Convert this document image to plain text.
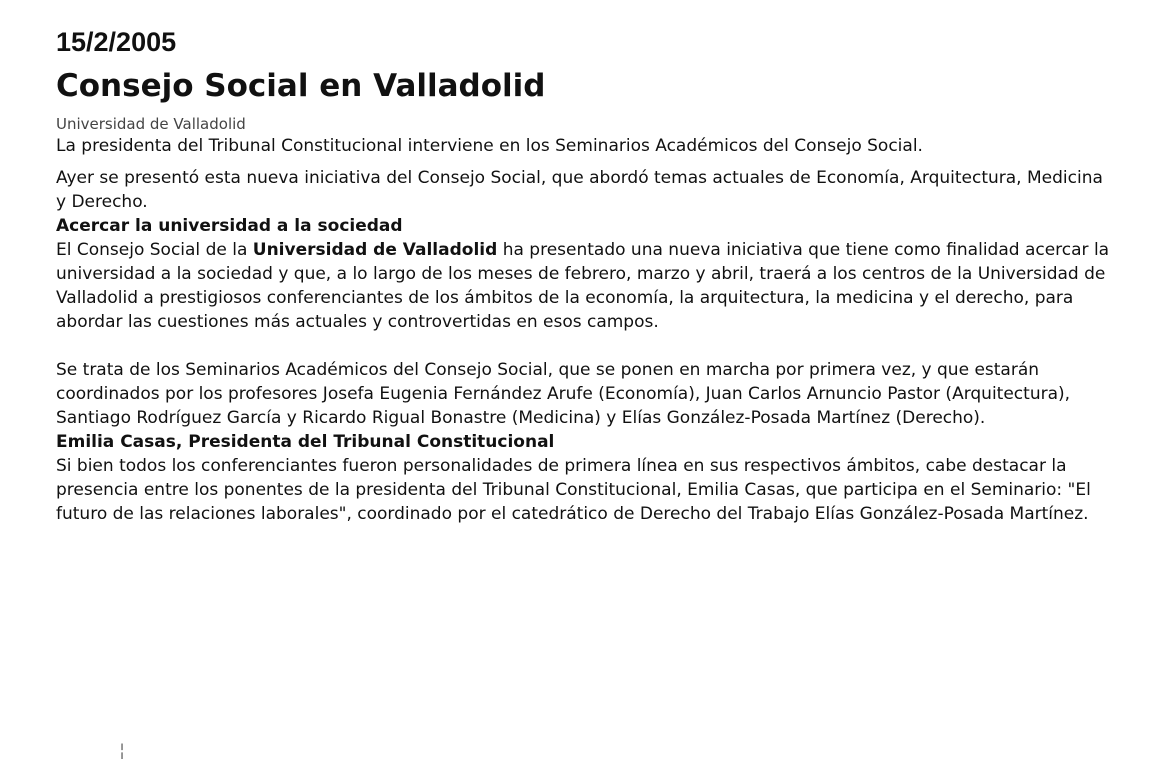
15/2/2005
Consejo Social en Valladolid

Universidad de Valladolid

La presidenta del Tribunal Constitucional interviene en los Seminarios Académicos del Consejo Social.

Ayer se presentó esta nueva iniciativa del Consejo Social, que abordó temas actuales de Economía, Arquitectura, Medicina y Derecho.

Acercar la universidad a la sociedad

El Consejo Social de la Universidad de Valladolid ha presentado una nueva iniciativa que tiene como finalidad acercar la universidad a la sociedad y que, a lo largo de los meses de febrero, marzo y abril, traerá a los centros de la Universidad de Valladolid a prestigiosos conferenciantes de los ámbitos de la economía, la arquitectura, la medicina y el derecho, para abordar las cuestiones más actuales y controvertidas en esos campos.

Se trata de los Seminarios Académicos del Consejo Social, que se ponen en marcha por primera vez, y que estarán coordinados por los profesores Josefa Eugenia Fernández Arufe (Economía), Juan Carlos Arnuncio Pastor (Arquitectura), Santiago Rodríguez García y Ricardo Rigual Bonastre (Medicina) y Elías González-Posada Martínez (Derecho).

Emilia Casas, Presidenta del Tribunal Constitucional

Si bien todos los conferenciantes fueron personalidades de primera línea en sus respectivos ámbitos, cabe destacar la presencia entre los ponentes de la presidenta del Tribunal Constitucional, Emilia Casas, que participa en el Seminario: "El futuro de las relaciones laborales", coordinado por el catedrático de Derecho del Trabajo Elías González-Posada Martínez.

¦
